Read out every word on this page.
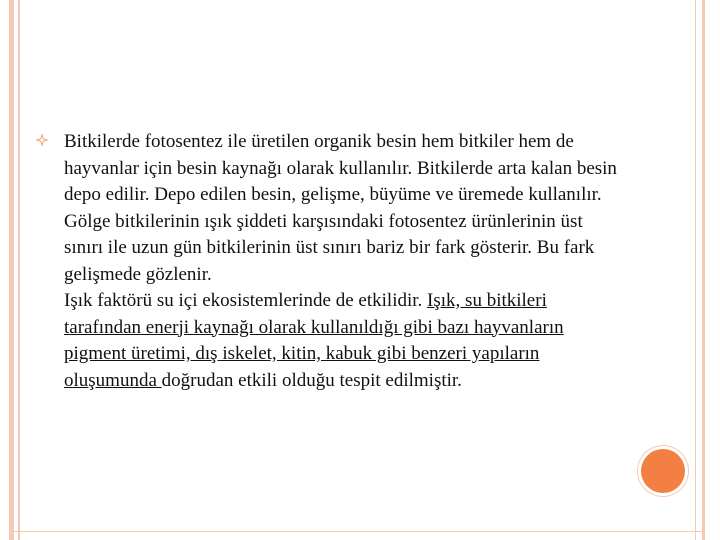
Bitkilerde fotosentez ile üretilen organik besin hem bitkiler hem de hayvanlar için besin kaynağı olarak kullanılır. Bitkilerde arta kalan besin depo edilir. Depo edilen besin, gelişme, büyüme ve üremede kullanılır. Gölge bitkilerinin ışık şiddeti karşısındaki fotosentez ürünlerinin üst sınırı ile uzun gün bitkilerinin üst sınırı bariz bir fark gösterir. Bu fark gelişmede gözlenir.
Işık faktörü su içi ekosistemlerinde de etkilidir. Işık, su bitkileri tarafından enerji kaynağı olarak kullanıldığı gibi bazı hayvanların pigment üretimi, dış iskelet, kitin, kabuk gibi benzeri yapıların oluşumunda doğrudan etkili olduğu tespit edilmiştir.
